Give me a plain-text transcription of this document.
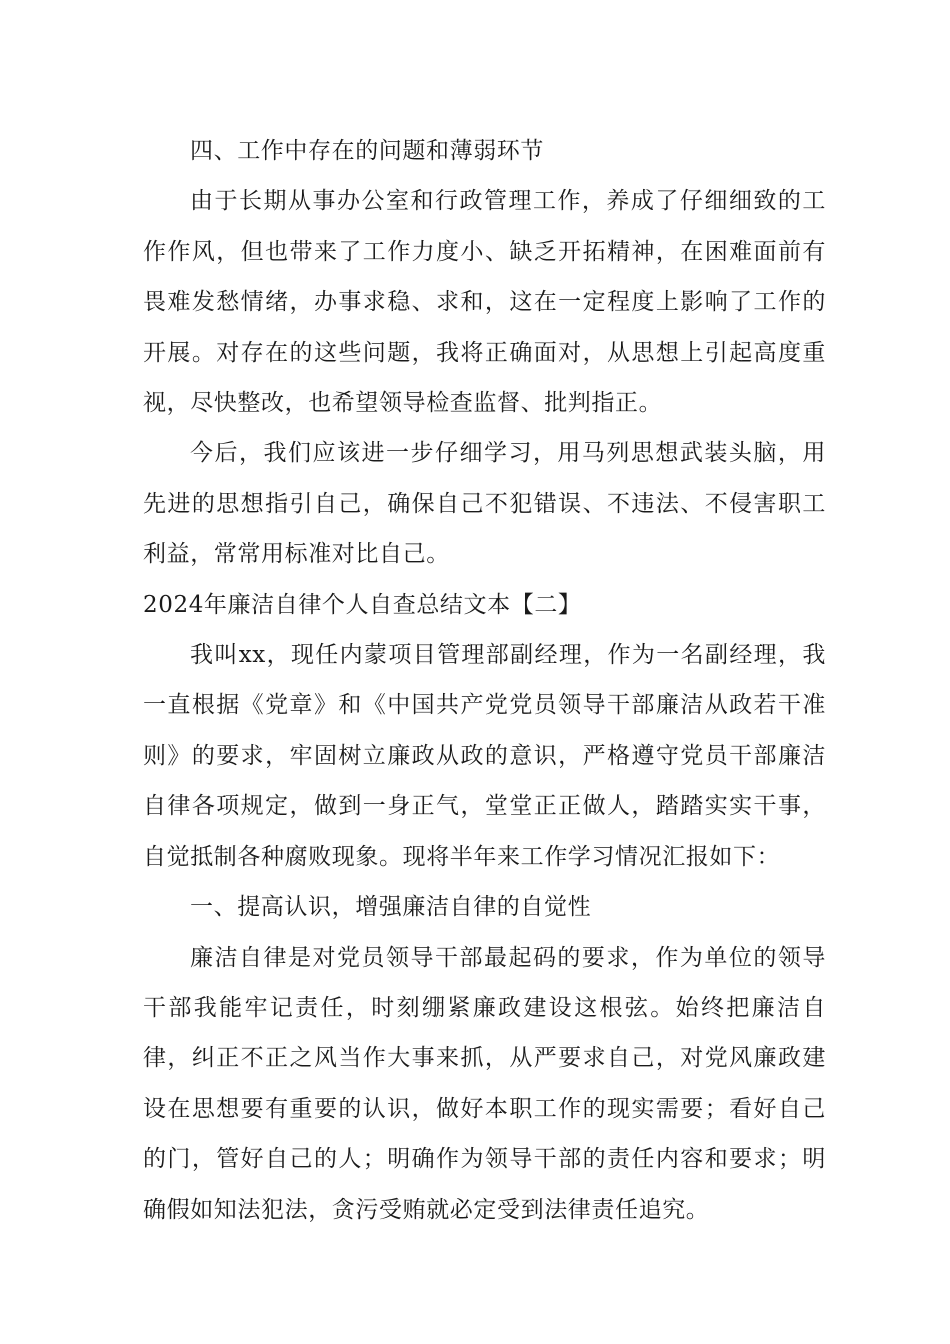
四、工作中存在的问题和薄弱环节

由于长期从事办公室和行政管理工作，养成了仔细细致的工作作风，但也带来了工作力度小、缺乏开拓精神，在困难面前有畏难发愁情绪，办事求稳、求和，这在一定程度上影响了工作的开展。对存在的这些问题，我将正确面对，从思想上引起高度重视，尽快整改，也希望领导检查监督、批判指正。

今后，我们应该进一步仔细学习，用马列思想武装头脑，用先进的思想指引自己，确保自己不犯错误、不违法、不侵害职工利益，常常用标准对比自己。

2024年廉洁自律个人自查总结文本【二】

我叫xx，现任内蒙项目管理部副经理，作为一名副经理，我一直根据《党章》和《中国共产党党员领导干部廉洁从政若干准则》的要求，牢固树立廉政从政的意识，严格遵守党员干部廉洁自律各项规定，做到一身正气，堂堂正正做人，踏踏实实干事，自觉抵制各种腐败现象。现将半年来工作学习情况汇报如下：

一、提高认识，增强廉洁自律的自觉性

廉洁自律是对党员领导干部最起码的要求，作为单位的领导干部我能牢记责任，时刻绷紧廉政建设这根弦。始终把廉洁自律，纠正不正之风当作大事来抓，从严要求自己，对党风廉政建设在思想要有重要的认识，做好本职工作的现实需要；看好自己的门，管好自己的人；明确作为领导干部的责任内容和要求；明确假如知法犯法，贪污受贿就必定受到法律责任追究。
